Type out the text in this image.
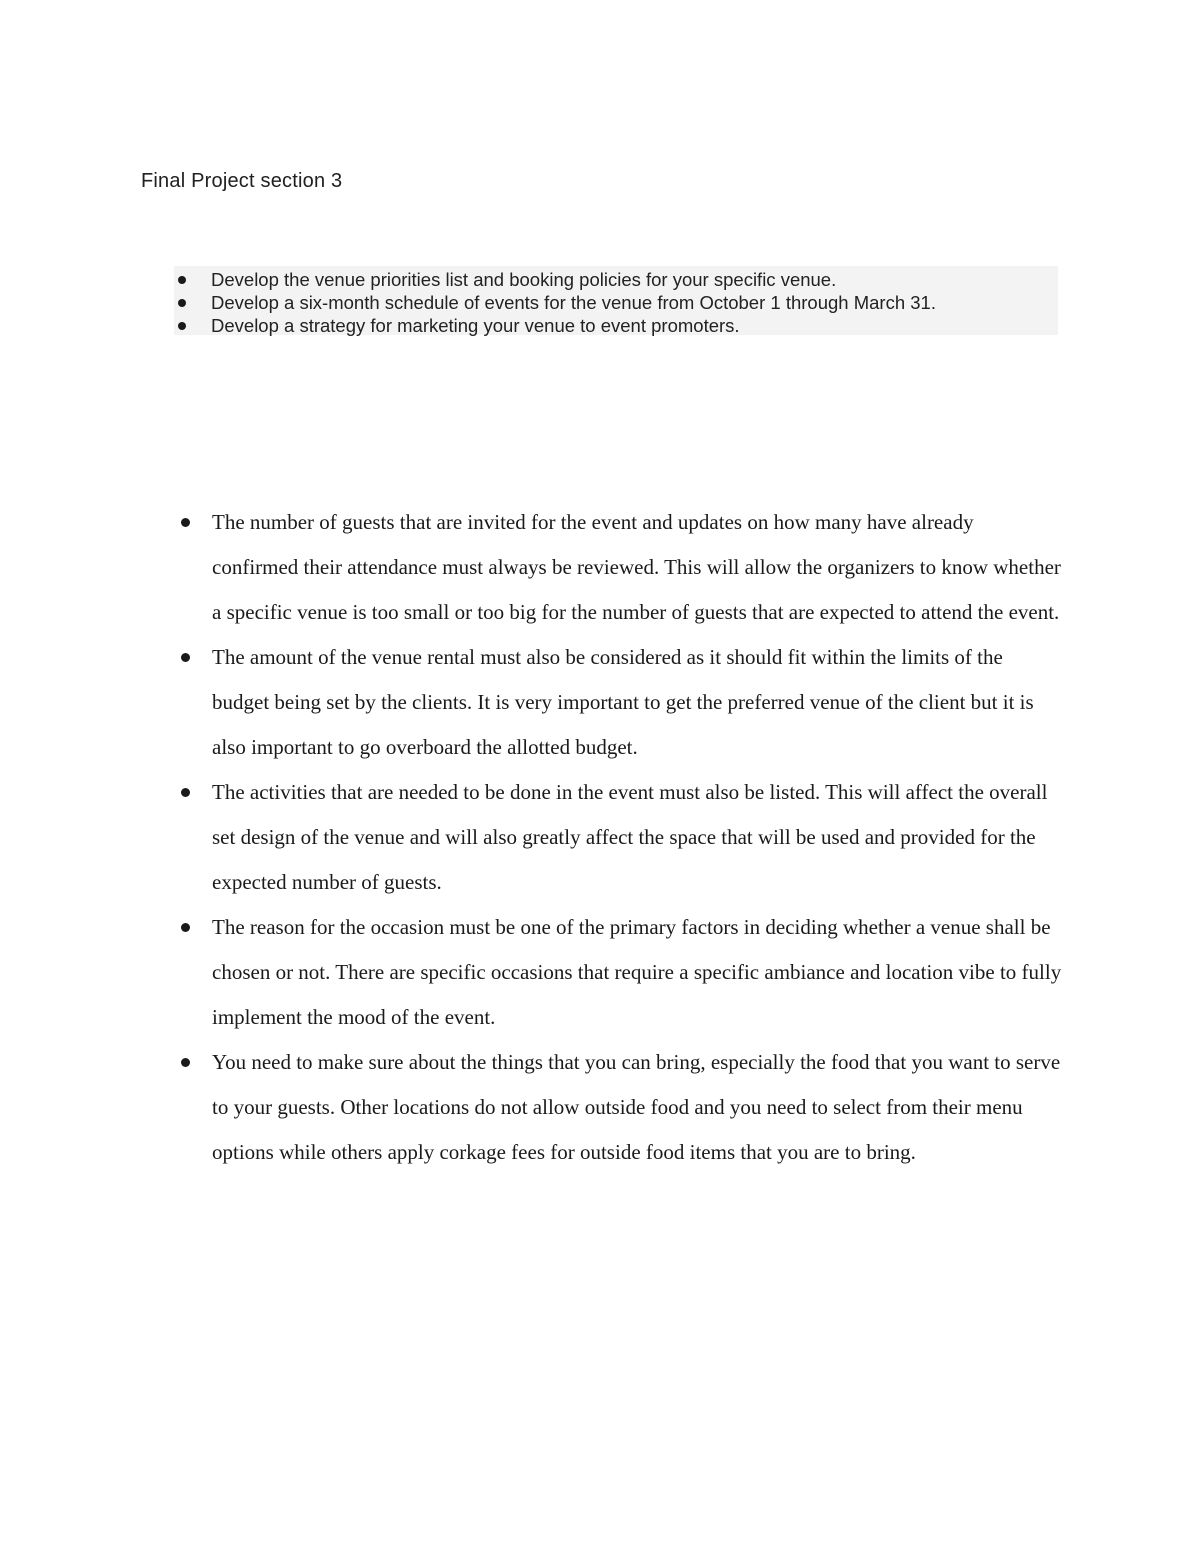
Final Project section 3
Develop the venue priorities list and booking policies for your specific venue.
Develop a six-month schedule of events for the venue from October 1 through March 31.
Develop a strategy for marketing your venue to event promoters.
The number of guests that are invited for the event and updates on how many have already confirmed their attendance must always be reviewed. This will allow the organizers to know whether a specific venue is too small or too big for the number of guests that are expected to attend the event.
The amount of the venue rental must also be considered as it should fit within the limits of the budget being set by the clients. It is very important to get the preferred venue of the client but it is also important to go overboard the allotted budget.
The activities that are needed to be done in the event must also be listed. This will affect the overall set design of the venue and will also greatly affect the space that will be used and provided for the expected number of guests.
The reason for the occasion must be one of the primary factors in deciding whether a venue shall be chosen or not. There are specific occasions that require a specific ambiance and location vibe to fully implement the mood of the event.
You need to make sure about the things that you can bring, especially the food that you want to serve to your guests. Other locations do not allow outside food and you need to select from their menu options while others apply corkage fees for outside food items that you are to bring.
